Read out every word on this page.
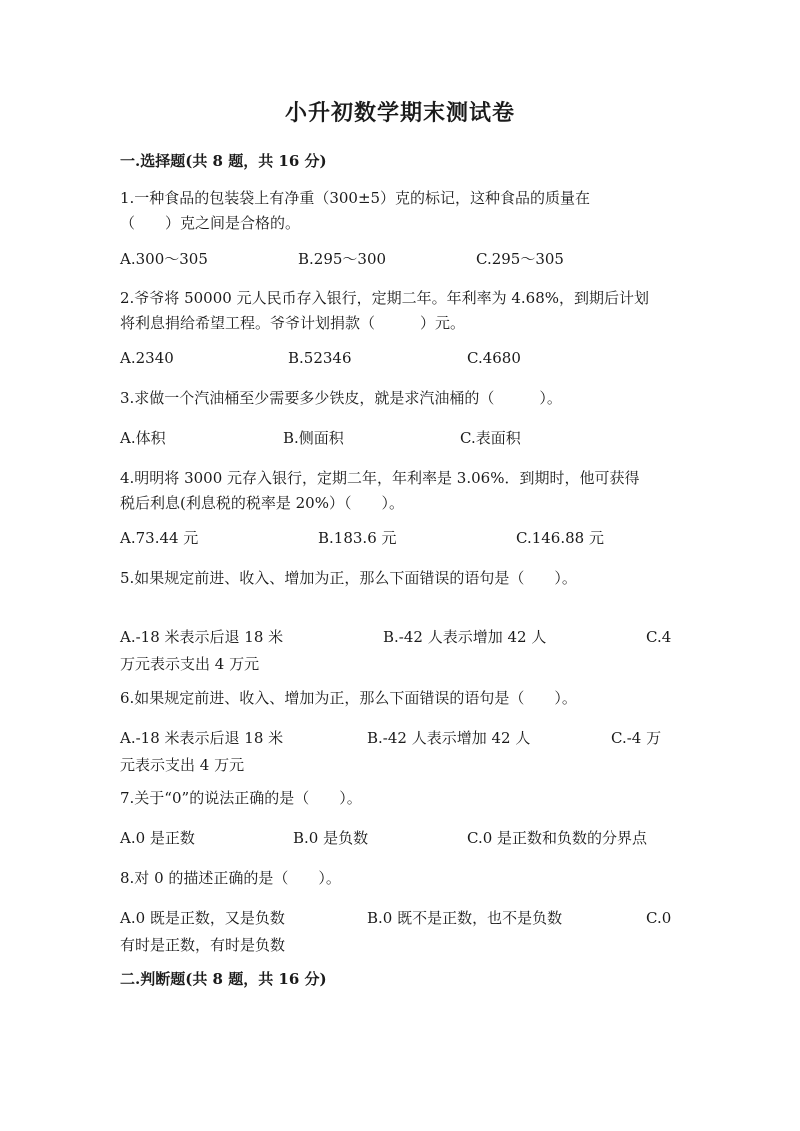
小升初数学期末测试卷
一.选择题(共 8 题，共 16 分)
1.一种食品的包装袋上有净重（300±5）克的标记，这种食品的质量在
（　　）克之间是合格的。
A.300～305	B.295～300	C.295～305
2.爷爷将 50000 元人民币存入银行，定期二年。年利率为 4.68%，到期后计划
将利息捐给希望工程。爷爷计划捐款（　　　）元。
A.2340	B.52346	C.4680
3.求做一个汽油桶至少需要多少铁皮，就是求汽油桶的（　　　）。
A.体积	B.侧面积	C.表面积
4.明明将 3000 元存入银行，定期二年，年利率是 3.06%．到期时，他可获得
税后利息(利息税的税率是 20%）（　　）。
A.73.44 元	B.183.6 元	C.146.88 元
5.如果规定前进、收入、增加为正，那么下面错误的语句是（　　）。
A.-18 米表示后退 18 米	B.-42 人表示增加 42 人	C.4
万元表示支出 4 万元
6.如果规定前进、收入、增加为正，那么下面错误的语句是（　　）。
A.-18 米表示后退 18 米	B.-42 人表示增加 42 人	C.-4 万
元表示支出 4 万元
7.关于“0”的说法正确的是（　　）。
A.0 是正数	B.0 是负数	C.0 是正数和负数的分界点
8.对 0 的描述正确的是（　　）。
A.0 既是正数，又是负数	B.0 既不是正数，也不是负数	C.0
有时是正数，有时是负数
二.判断题(共 8 题，共 16 分)
